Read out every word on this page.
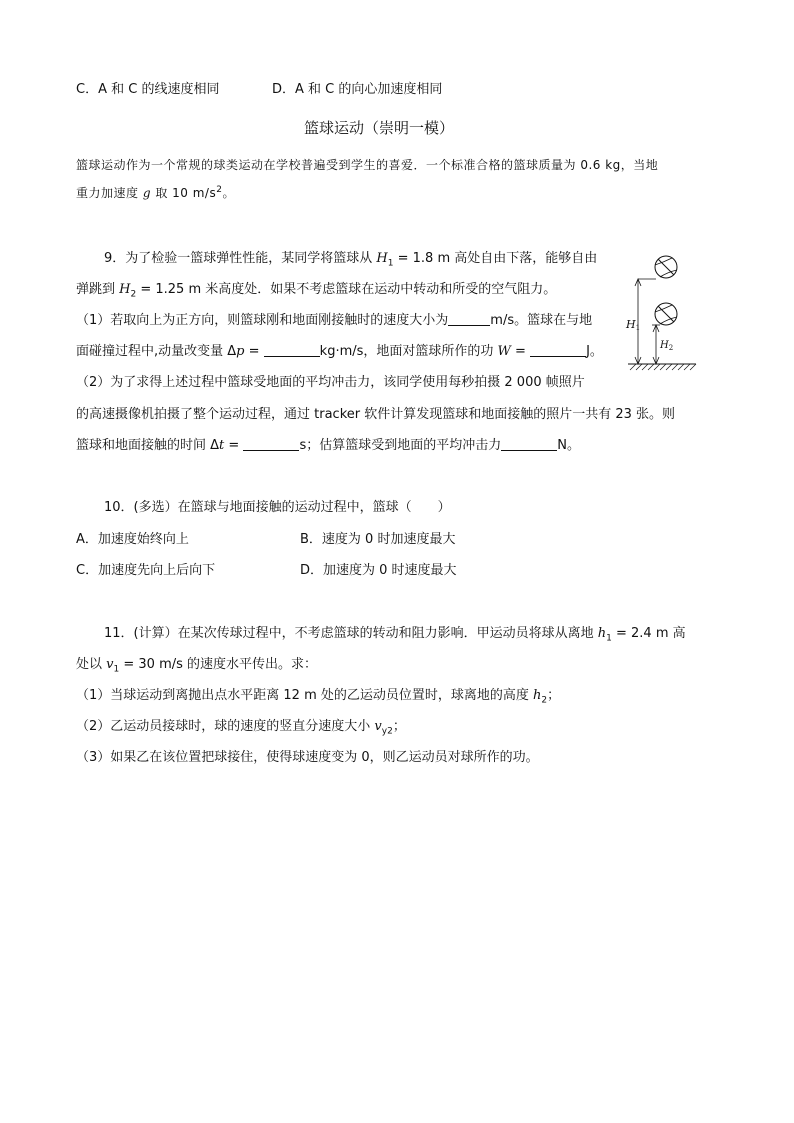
C．A 和 C 的线速度相同	D．A 和 C 的向心加速度相同
篮球运动（崇明一模）
篮球运动作为一个常规的球类运动在学校普遍受到学生的喜爱．一个标准合格的篮球质量为 0.6 kg，当地
重力加速度 g 取 10 $m/s^2$。
9．为了检验一篮球弹性性能，某同学将篮球从 $H_1 = 1.8$ m 高处自由下落，能够自由
弹跳到 $H_2 = 1.25$ m 米高度处．如果不考虑篮球在运动中转动和所受的空气阻力。
（1）若取向上为正方向，则篮球刚和地面刚接触时的速度大小为	m/s。篮球在与地
面碰撞过程中,动量改变量 Δp =	kg·m/s，地面对篮球所作的功 W =	J。
（2）为了求得上述过程中篮球受地面的平均冲击力，该同学使用每秒拍摄 2 000 帧照片
的高速摄像机拍摄了整个运动过程，通过 tracker 软件计算发现篮球和地面接触的照片一共有 23 张。则
篮球和地面接触的时间 Δt =	s；估算篮球受到地面的平均冲击力	N。
H1
$H_2$
10．(多选）在篮球与地面接触的运动过程中，篮球（　　）
A．加速度始终向上	B．速度为 0 时加速度最大
C．加速度先向上后向下	D．加速度为 0 时速度最大
11．(计算）在某次传球过程中，不考虑篮球的转动和阻力影响．甲运动员将球从离地 $h_1 = 2.4$ m 高
处以 $v_1 = 30$ m/s 的速度水平传出。求：
（1）当球运动到离抛出点水平距离 12 m 处的乙运动员位置时，球离地的高度 $h_2$；
（2）乙运动员接球时，球的速度的竖直分速度大小 $v_{y2}$；
（3）如果乙在该位置把球接住，使得球速度变为 0，则乙运动员对球所作的功。
